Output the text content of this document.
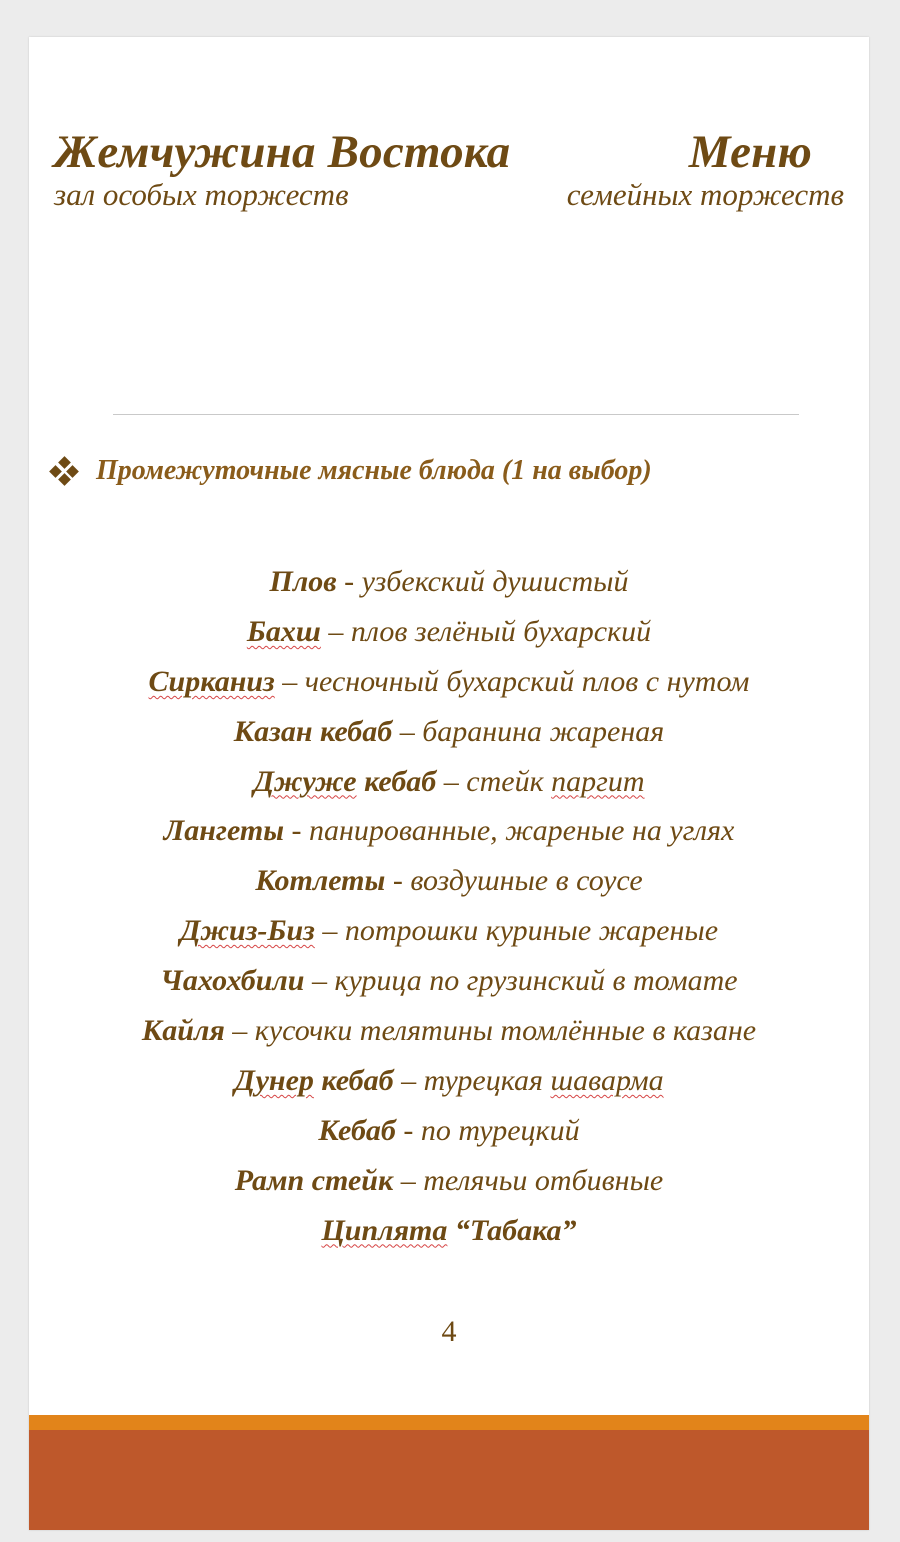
Жемчужина Востока
зал особых торжеств
Меню
семейных торжеств
Промежуточные мясные блюда (1 на выбор)
Плов - узбекский душистый
Бахш – плов зелёный бухарский
Сирканиз – чесночный бухарский плов с нутом
Казан кебаб – баранина жареная
Джуже кебаб – стейк паргит
Лангеты - панированные, жареные на углях
Котлеты - воздушные в соусе
Джиз-Биз – потрошки куриные жареные
Чахохбили – курица по грузинский в томате
Кайля – кусочки телятины томлённые в казане
Дунер кебаб – турецкая шаварма
Кебаб - по турецкий
Рамп стейк – телячьи отбивные
Циплята “Табака”
4
